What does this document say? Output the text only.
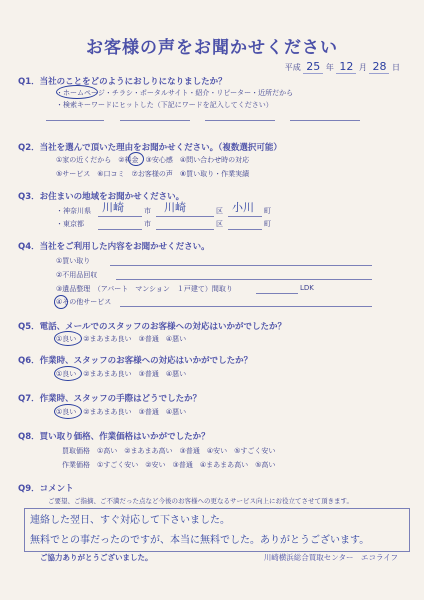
お客様の声をお聞かせください
平成 25 年 12 月 28 日
Q1．当社のことをどのようにおしりになりましたか？
・ホームページ・チラシ・ポータルサイト・紹介・リピーター・近所だから
・検索キーワードにヒットした（下記にワードを記入してください）
Q2．当社を選んで頂いた理由をお聞かせください。（複数選択可能）
①家の近くだから　②料金　③安心感　④問い合わせ時の対応
⑤サービス　⑥口コミ　⑦お客様の声　⑧買い取り・作業実績
Q3．お住まいの地域をお聞かせください。
・神奈川県 川崎	市 川崎	区 小川 町
・東京都	市	区	町
Q4．当社をご利用した内容をお聞かせください。
①買い取り
②不用品回収
③遺品整理　（アパート　マンション　１戸建て）間取り	LDK
④その他サービス
Q5．電話、メールでのスタッフのお客様への対応はいかがでしたか？
①良い　②まあまあ良い　③普通　④悪い
Q6．作業時、スタッフのお客様への対応はいかがでしたか？
①良い　②まあまあ良い　③普通　④悪い
Q7．作業時、スタッフの手際はどうでしたか？
①良い　②まあまあ良い　③普通　④悪い
Q8．買い取り価格、作業価格はいかがでしたか？
買取価格　①高い　②まあまあ高い　③普通　④安い　⑤すごく安い
作業価格　①すごく安い　②安い　③普通　④まあまあ高い　⑤高い
Q9．コメント
ご要望、ご指摘、ご不満だった点など今後のお客様への更なるサービス向上にお役立てさせて頂きます。
連絡した翌日、すぐ対応して下さいました。
無料でとの事だったのですが、本当に無料でした。ありがとうございます。
ご協力ありがとうございました。	川崎横浜総合買取センター　エコライフ
